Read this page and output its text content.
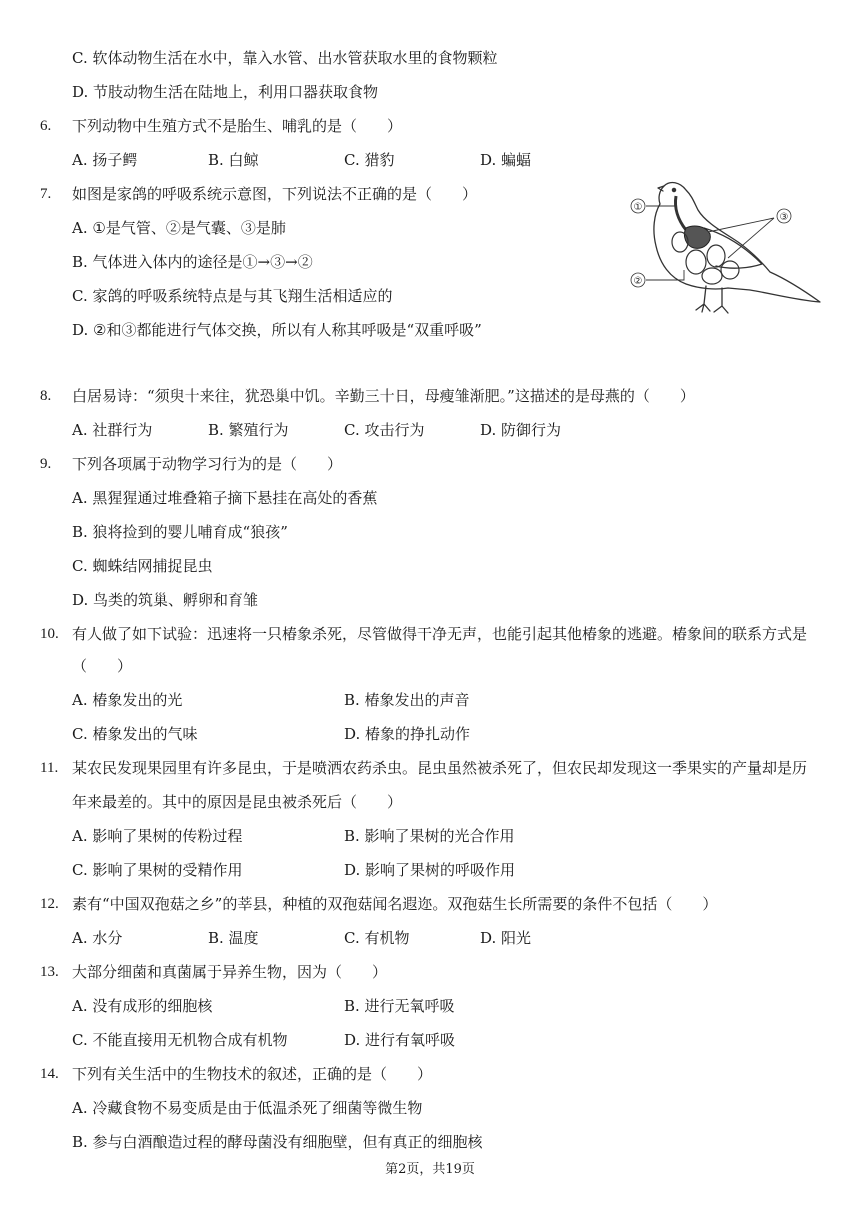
C. 软体动物生活在水中，靠入水管、出水管获取水里的食物颗粒
D. 节肢动物生活在陆地上，利用口器获取食物
6. 下列动物中生殖方式不是胎生、哺乳的是（　　）
A. 扬子鳄	B. 白鲸	C. 猎豹	D. 蝙蝠
7. 如图是家鸽的呼吸系统示意图，下列说法不正确的是（　　）
A. ①是气管、②是气囊、③是肺
B. 气体进入体内的途径是①→③→②
C. 家鸽的呼吸系统特点是与其飞翔生活相适应的
D. ②和③都能进行气体交换，所以有人称其呼吸是“双重呼吸”
①
②
③
8. 白居易诗：“须臾十来往，犹恐巢中饥。辛勤三十日，母瘦雏渐肥。”这描述的是母燕的（　　）
A. 社群行为	B. 繁殖行为	C. 攻击行为	D. 防御行为
9. 下列各项属于动物学习行为的是（　　）
A. 黑猩猩通过堆叠箱子摘下悬挂在高处的香蕉
B. 狼将捡到的婴儿哺育成“狼孩”
C. 蜘蛛结网捕捉昆虫
D. 鸟类的筑巢、孵卵和育雏
10. 有人做了如下试验：迅速将一只椿象杀死，尽管做得干净无声，也能引起其他椿象的逃避。椿象间的联系方式是
（　　）
A. 椿象发出的光	B. 椿象发出的声音
C. 椿象发出的气味	D. 椿象的挣扎动作
11. 某农民发现果园里有许多昆虫，于是喷洒农药杀虫。昆虫虽然被杀死了，但农民却发现这一季果实的产量却是历
年来最差的。其中的原因是昆虫被杀死后（　　）
A. 影响了果树的传粉过程	B. 影响了果树的光合作用
C. 影响了果树的受精作用	D. 影响了果树的呼吸作用
12. 素有“中国双孢菇之乡”的莘县，种植的双孢菇闻名遐迩。双孢菇生长所需要的条件不包括（　　）
A. 水分	B. 温度	C. 有机物	D. 阳光
13. 大部分细菌和真菌属于异养生物，因为（　　）
A. 没有成形的细胞核	B. 进行无氧呼吸
C. 不能直接用无机物合成有机物	D. 进行有氧呼吸
14. 下列有关生活中的生物技术的叙述，正确的是（　　）
A. 冷藏食物不易变质是由于低温杀死了细菌等微生物
B. 参与白酒酿造过程的酵母菌没有细胞壁，但有真正的细胞核
第2页，共19页
